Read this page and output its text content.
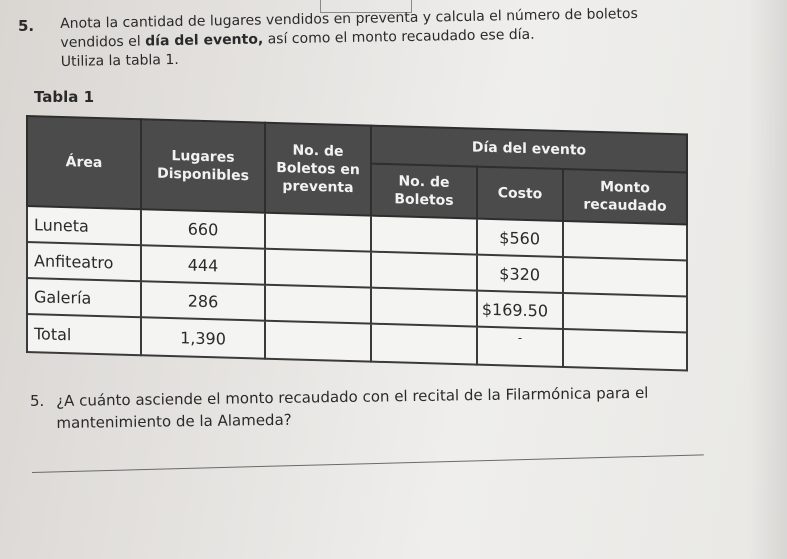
5. Anota la cantidad de lugares vendidos en preventa y calcula el número de boletos vendidos el día del evento, así como el monto recaudado ese día.
Utiliza la tabla 1.
Tabla 1
Área	Lugares Disponibles	No. de Boletos en preventa	Día del evento		
			No. de Boletos	Costo	Monto recaudado
Luneta	660			$560	
Anfiteatro	444			$320	
Galería	286			$169.50	
Total	1,390			-	
5. ¿A cuánto asciende el monto recaudado con el recital de la Filarmónica para el mantenimiento de la Alameda?
